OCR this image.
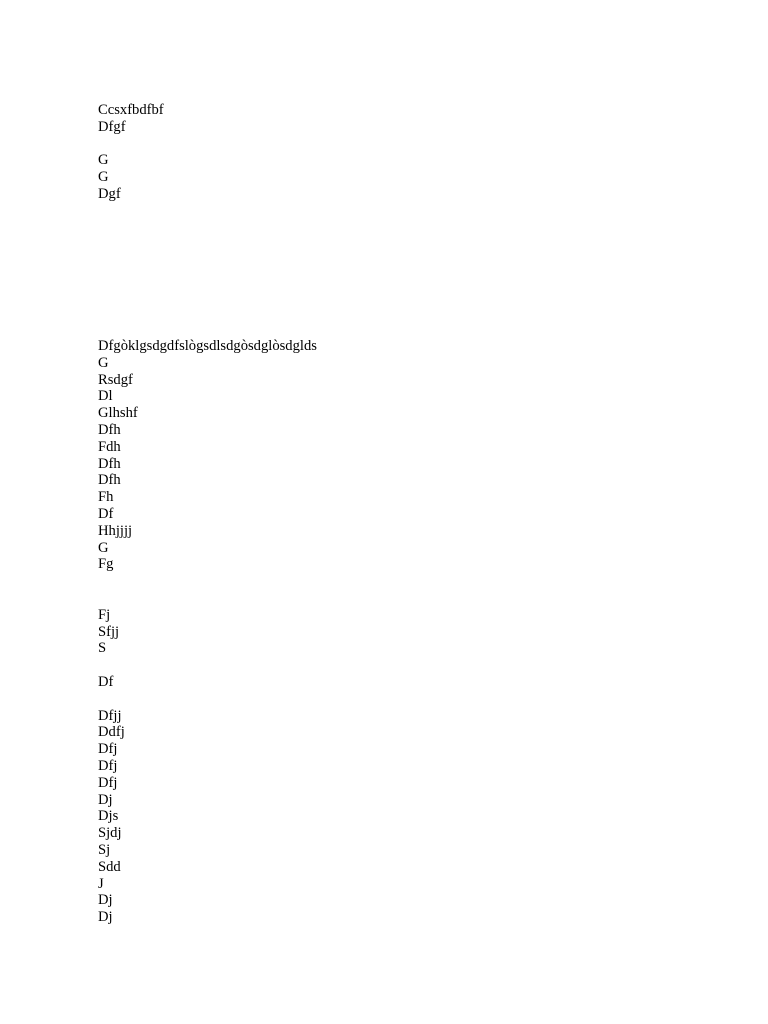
Ccsxfbdfbf
Dfgf
G
G
Dgf
Dfgòklgsdgdfslògsdlsdgòsdglòsdglds
G
Rsdgf
Dl
Glhshf
Dfh
Fdh
Dfh
Dfh
Fh
Df
Hhjjjj
G
Fg
Fj
Sfjj
S
Df
Dfjj
Ddfj
Dfj
Dfj
Dfj
Dj
Djs
Sjdj
Sj
Sdd
J
Dj
Dj
